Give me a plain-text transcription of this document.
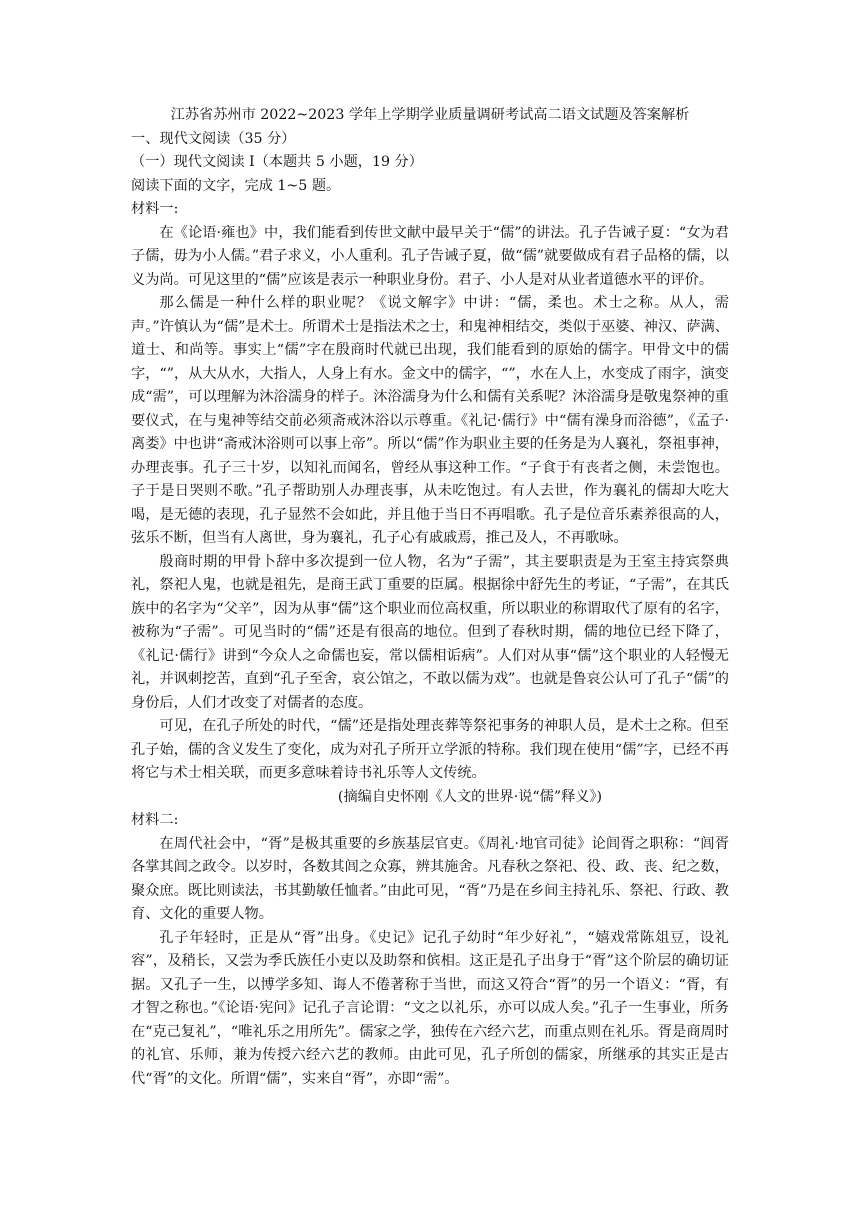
江苏省苏州市 2022~2023 学年上学期学业质量调研考试高二语文试题及答案解析
一、现代文阅读（35 分）
（一）现代文阅读 I（本题共 5 小题，19 分）
阅读下面的文字，完成 1~5 题。
材料一:

在《论语·雍也》中，我们能看到传世文献中最早关于“儒”的讲法。孔子告诫子夏：“女为君子儒，毋为小人儒。”君子求义，小人重利。孔子告诫子夏，做“儒”就要做成有君子品格的儒，以义为尚。可见这里的“儒”应该是表示一种职业身份。君子、小人是对从业者道德水平的评价。

那么儒是一种什么样的职业呢？《说文解字》中讲：“儒，柔也。术士之称。从人，需声。”许慎认为“儒”是术士。所谓术士是指法术之士，和鬼神相结交，类似于巫婆、神汉、萨满、道士、和尚等。事实上“儒”字在殷商时代就已出现，我们能看到的原始的儒字。甲骨文中的儒字，“”，从大从水，大指人，人身上有水。金文中的儒字，“”，水在人上，水变成了雨字，演变成“需”，可以理解为沐浴濡身的样子。沐浴濡身为什么和儒有关系呢？沐浴濡身是敬鬼祭神的重要仪式，在与鬼神等结交前必须斋戒沐浴以示尊重。《礼记·儒行》中“儒有澡身而浴德”，《孟子·离娄》中也讲“斋戒沐浴则可以事上帝”。所以“儒”作为职业主要的任务是为人襄礼，祭祖事神，办理丧事。孔子三十岁，以知礼而闻名，曾经从事这种工作。“子食于有丧者之侧，未尝饱也。子于是日哭则不歌。”孔子帮助别人办理丧事，从未吃饱过。有人去世，作为襄礼的儒却大吃大喝，是无德的表现，孔子显然不会如此，并且他于当日不再唱歌。孔子是位音乐素养很高的人，弦乐不断，但当有人离世，身为襄礼，孔子心有戚戚焉，推己及人，不再歌咏。

殷商时期的甲骨卜辞中多次提到一位人物，名为“子需”，其主要职责是为王室主持宾祭典礼，祭祀人鬼，也就是祖先，是商王武丁重要的臣属。根据徐中舒先生的考证，“子需”，在其氏族中的名字为“父辛”，因为从事“儒”这个职业而位高权重，所以职业的称谓取代了原有的名字，被称为“子需”。可见当时的“儒”还是有很高的地位。但到了春秋时期，儒的地位已经下降了，《礼记·儒行》讲到“今众人之命儒也妄，常以儒相诟病”。人们对从事“儒”这个职业的人轻慢无礼，并讽刺挖苦，直到“孔子至舍，哀公馆之，不敢以儒为戏”。也就是鲁哀公认可了孔子“儒”的身份后，人们才改变了对儒者的态度。

可见，在孔子所处的时代，“儒”还是指处理丧葬等祭祀事务的神职人员，是术士之称。但至孔子始，儒的含义发生了变化，成为对孔子所开立学派的特称。我们现在使用“儒”字，已经不再将它与术士相关联，而更多意味着诗书礼乐等人文传统。

(摘编自史怀刚《人文的世界·说“儒”释义》)
材料二:

在周代社会中，“胥”是极其重要的乡族基层官吏。《周礼·地官司徒》论闾胥之职称：“闾胥各掌其闾之政令。以岁时，各数其闾之众寡，辨其施舍。凡春秋之祭祀、役、政、丧、纪之数，聚众庶。既比则读法，书其勤敏任恤者。”由此可见，“胥”乃是在乡间主持礼乐、祭祀、行政、教育、文化的重要人物。

孔子年轻时，正是从“胥”出身。《史记》记孔子幼时“年少好礼”，“嬉戏常陈俎豆，设礼容”，及稍长，又尝为季氏族任小吏以及助祭和傧相。这正是孔子出身于“胥”这个阶层的确切证据。又孔子一生，以博学多知、诲人不倦著称于当世，而这又符合“胥”的另一个语义：“胥，有才智之称也。”《论语·宪问》记孔子言论谓：“文之以礼乐，亦可以成人矣。”孔子一生事业，所务在“克己复礼”，“唯礼乐之用所先”。儒家之学，独传在六经六艺，而重点则在礼乐。胥是商周时的礼官、乐师，兼为传授六经六艺的教师。由此可见，孔子所创的儒家，所继承的其实正是古代“胥”的文化。所谓“儒”，实来自“胥”，亦即“需”。
